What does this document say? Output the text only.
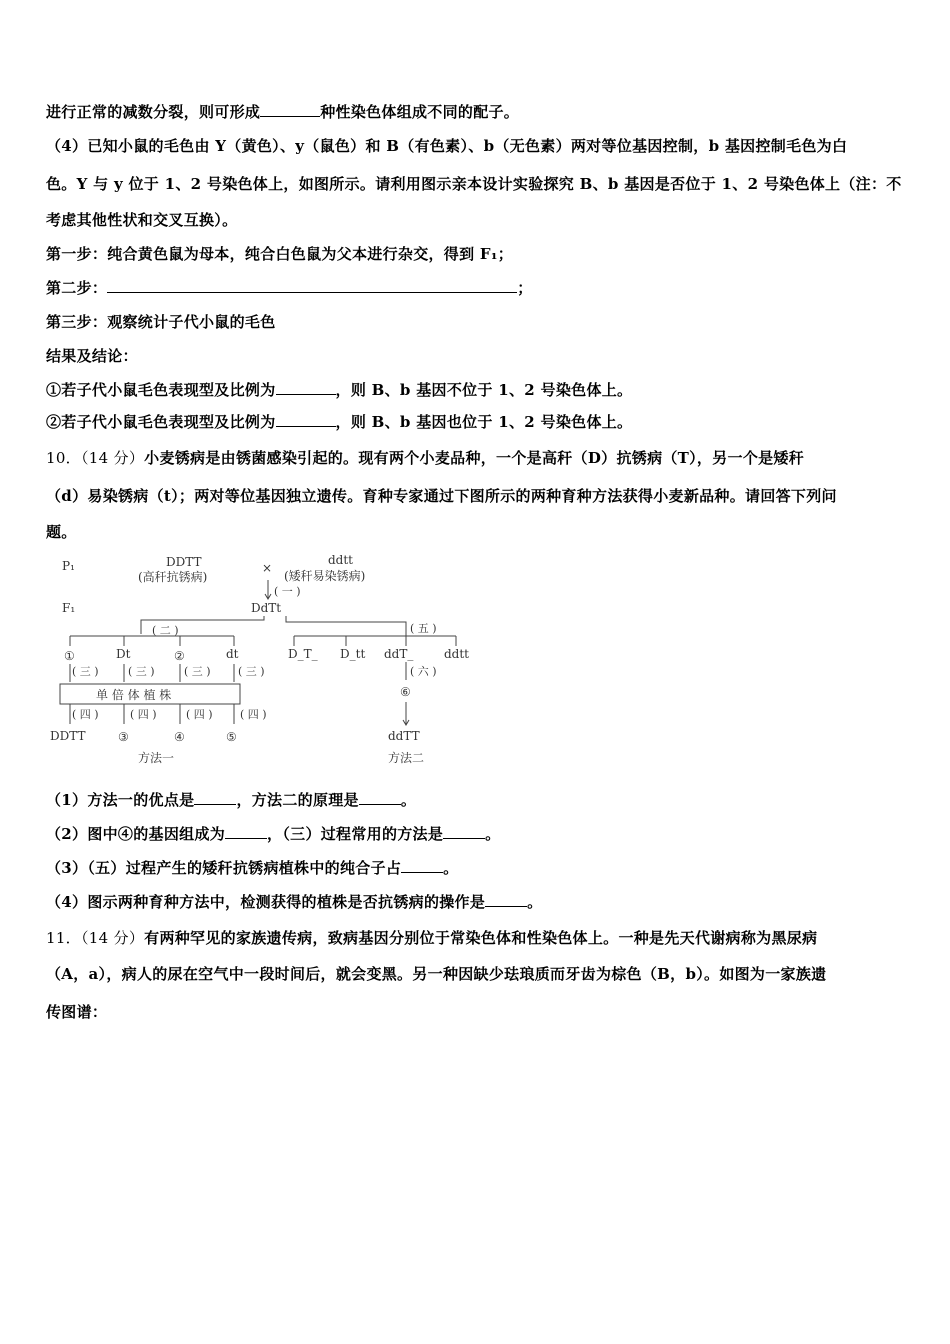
进行正常的减数分裂，则可形成	种性染色体组成不同的配子。
（4）已知小鼠的毛色由 Y（黄色）、y（鼠色）和 B（有色素）、b（无色素）两对等位基因控制，b 基因控制毛色为白
色。Y 与 y 位于 1、2 号染色体上，如图所示。请利用图示亲本设计实验探究 B、b 基因是否位于 1、2 号染色体上（注：不
考虑其他性状和交叉互换）。
第一步：纯合黄色鼠为母本，纯合白色鼠为父本进行杂交，得到 F₁；
第二步：	；
第三步：观察统计子代小鼠的毛色
结果及结论：
①若子代小鼠毛色表现型及比例为	，则 B、b 基因不位于 1、2 号染色体上。
②若子代小鼠毛色表现型及比例为	，则 B、b 基因也位于 1、2 号染色体上。
10．（14 分）小麦锈病是由锈菌感染引起的。现有两个小麦品种，一个是高秆（D）抗锈病（T），另一个是矮秆
（d）易染锈病（t）；两对等位基因独立遗传。育种专家通过下图所示的两种育种方法获得小麦新品种。请回答下列问
题。
P₁
F₁
DDTT
(高秆抗锈病)
×
ddtt
(矮秆易染锈病)
( 一 )
DdTt
( 二 )
①	Dt	②	dt
( 三 )	( 三 )	( 三 ) ( 三 )
单 倍 体 植 株
( 四 )	( 四 )	( 四 ) ( 四 )
DDTT	③	④	⑤
方法一
( 五 )
D_T_ D_tt ddT_	ddtt
( 六 )
⑥
ddTT
方法二
（1）方法一的优点是	，方法二的原理是	。
（2）图中④的基因组成为	，（三）过程常用的方法是	。
（3）（五）过程产生的矮秆抗锈病植株中的纯合子占	。
（4）图示两种育种方法中，检测获得的植株是否抗锈病的操作是	。
11．（14 分）有两种罕见的家族遗传病，致病基因分别位于常染色体和性染色体上。一种是先天代谢病称为黑尿病
（A，a），病人的尿在空气中一段时间后，就会变黑。另一种因缺少珐琅质而牙齿为棕色（B，b）。如图为一家族遗
传图谱：
